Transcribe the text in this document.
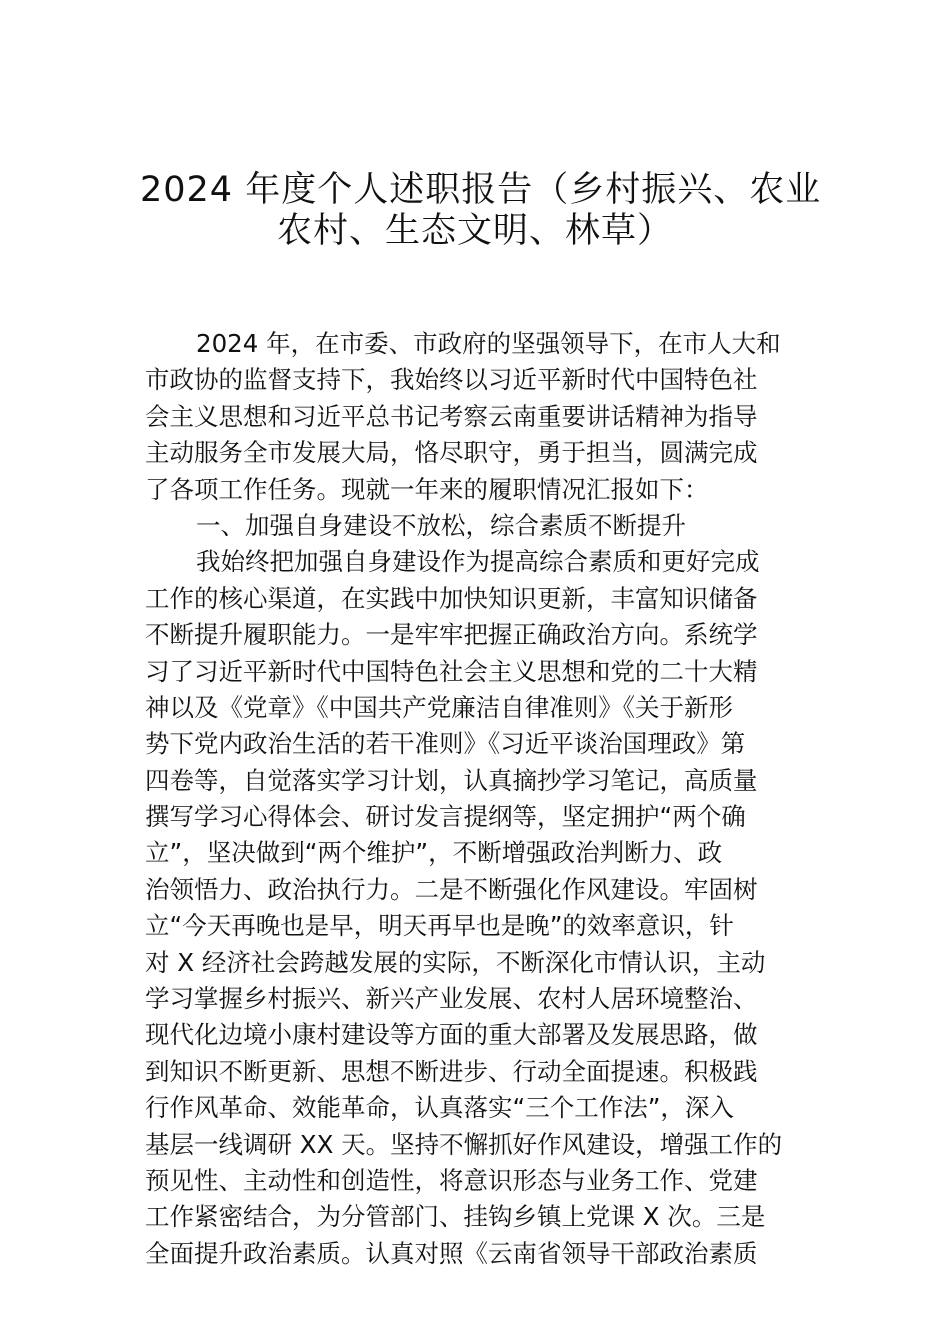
2024 年度个人述职报告（乡村振兴、农业
农村、生态文明、林草）
2024 年，在市委、市政府的坚强领导下，在市人大和
市政协的监督支持下，我始终以习近平新时代中国特色社
会主义思想和习近平总书记考察云南重要讲话精神为指导
主动服务全市发展大局，恪尽职守，勇于担当，圆满完成
了各项工作任务。现就一年来的履职情况汇报如下：
一、加强自身建设不放松，综合素质不断提升
我始终把加强自身建设作为提高综合素质和更好完成
工作的核心渠道，在实践中加快知识更新，丰富知识储备
不断提升履职能力。一是牢牢把握正确政治方向。系统学
习了习近平新时代中国特色社会主义思想和党的二十大精
神以及《党章》《中国共产党廉洁自律准则》《关于新形
势下党内政治生活的若干准则》《习近平谈治国理政》第
四卷等，自觉落实学习计划，认真摘抄学习笔记，高质量
撰写学习心得体会、研讨发言提纲等，坚定拥护“两个确
立”，坚决做到“两个维护”，不断增强政治判断力、政
治领悟力、政治执行力。二是不断强化作风建设。牢固树
立“今天再晚也是早，明天再早也是晚”的效率意识，针
对 X 经济社会跨越发展的实际，不断深化市情认识，主动
学习掌握乡村振兴、新兴产业发展、农村人居环境整治、
现代化边境小康村建设等方面的重大部署及发展思路，做
到知识不断更新、思想不断进步、行动全面提速。积极践
行作风革命、效能革命，认真落实“三个工作法”，深入
基层一线调研 XX 天。坚持不懈抓好作风建设，增强工作的
预见性、主动性和创造性，将意识形态与业务工作、党建
工作紧密结合，为分管部门、挂钩乡镇上党课 X 次。三是
全面提升政治素质。认真对照《云南省领导干部政治素质
